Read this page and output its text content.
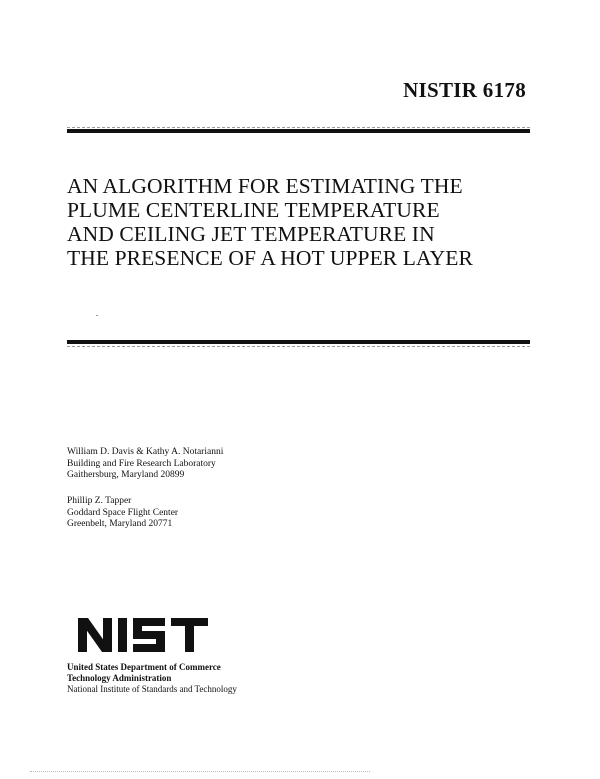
NISTIR 6178
AN ALGORITHM FOR ESTIMATING THE
PLUME CENTERLINE TEMPERATURE
AND CEILING JET TEMPERATURE IN
THE PRESENCE OF A HOT UPPER LAYER
William D. Davis & Kathy A. Notarianni
Building and Fire Research Laboratory
Gaithersburg, Maryland 20899
Phillip Z. Tapper
Goddard Space Flight Center
Greenbelt, Maryland 20771
United States Department of Commerce
Technology Administration
National Institute of Standards and Technology
